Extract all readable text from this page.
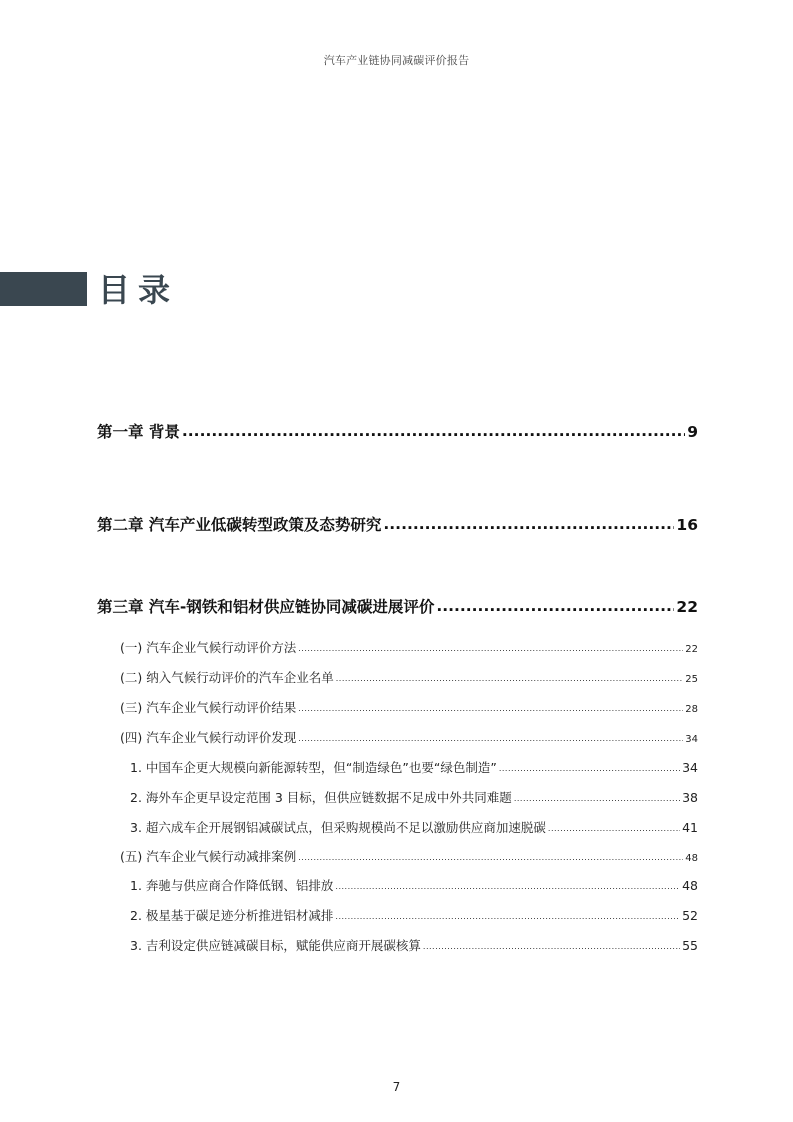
汽车产业链协同减碳评价报告
目录
第一章 背景 .....	9
第二章 汽车产业低碳转型政策及态势研究 .....	16
第三章 汽车-钢铁和铝材供应链协同减碳进展评价 .....	22
(一) 汽车企业气候行动评价方法 .....	22
(二) 纳入气候行动评价的汽车企业名单 .....	25
(三) 汽车企业气候行动评价结果 .....	28
(四) 汽车企业气候行动评价发现 .....	34
1. 中国车企更大规模向新能源转型，但“制造绿色”也要“绿色制造” .....	34
2. 海外车企更早设定范围 3 目标，但供应链数据不足成中外共同难题 .....	38
3. 超六成车企开展钢铝减碳试点，但采购规模尚不足以激励供应商加速脱碳 .....	41
(五) 汽车企业气候行动减排案例 .....	48
1. 奔驰与供应商合作降低钢、铝排放 .....	48
2. 极星基于碳足迹分析推进铝材减排 .....	52
3. 吉利设定供应链减碳目标，赋能供应商开展碳核算 .....	55
7
